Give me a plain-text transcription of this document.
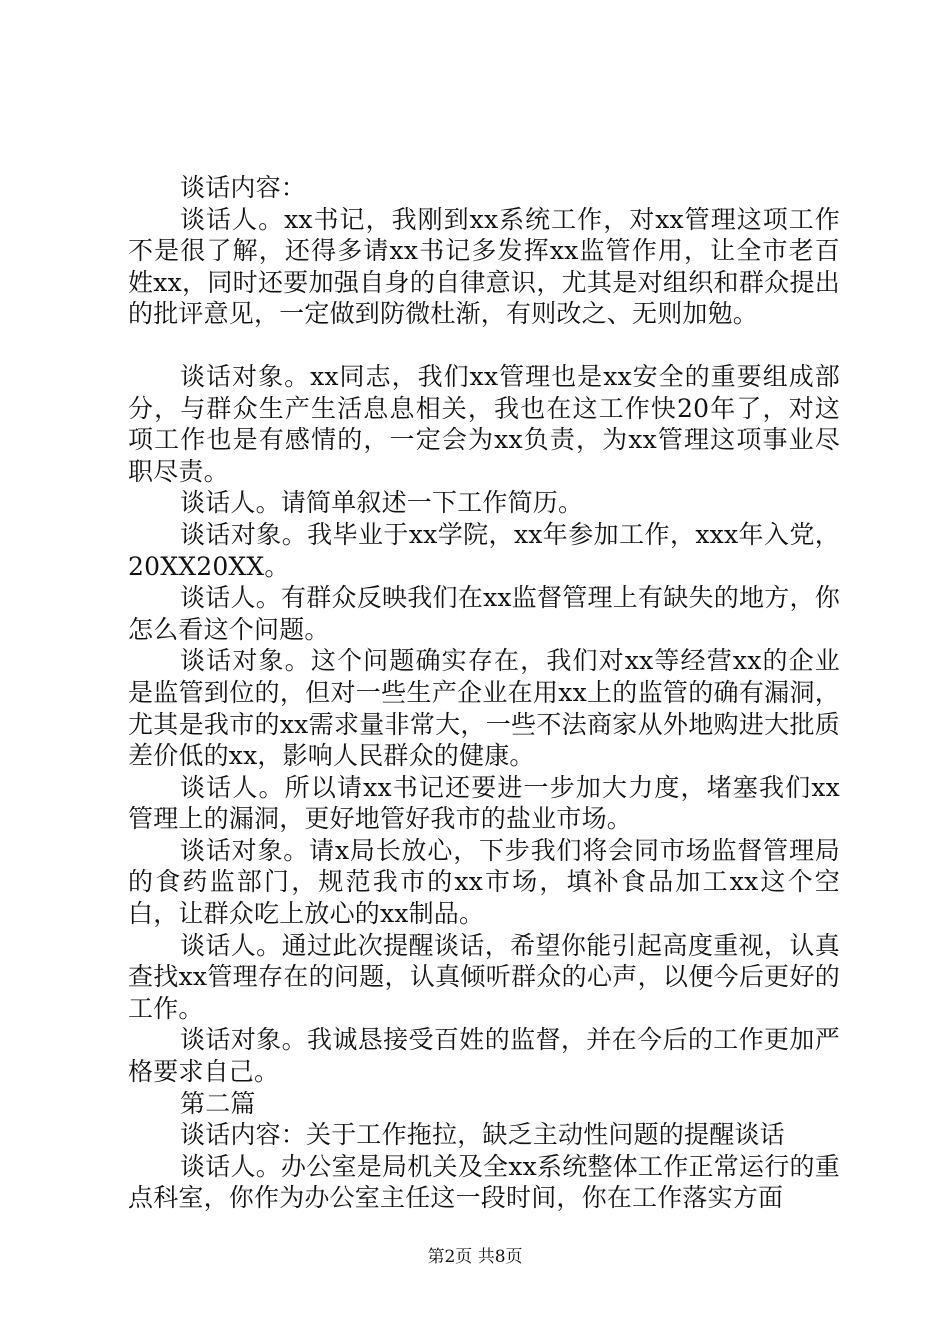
谈话内容：

谈话人。xx书记，我刚到xx系统工作，对xx管理这项工作不是很了解，还得多请xx书记多发挥xx监管作用，让全市老百姓xx，同时还要加强自身的自律意识，尤其是对组织和群众提出的批评意见，一定做到防微杜渐，有则改之、无则加勉。

谈话对象。xx同志，我们xx管理也是xx安全的重要组成部分，与群众生产生活息息相关，我也在这工作快20年了，对这项工作也是有感情的，一定会为xx负责，为xx管理这项事业尽职尽责。

谈话人。请简单叙述一下工作简历。

谈话对象。我毕业于xx学院，xx年参加工作，xxx年入党，20XX20XX。

谈话人。有群众反映我们在xx监督管理上有缺失的地方，你怎么看这个问题。

谈话对象。这个问题确实存在，我们对xx等经营xx的企业是监管到位的，但对一些生产企业在用xx上的监管的确有漏洞，尤其是我市的xx需求量非常大，一些不法商家从外地购进大批质差价低的xx，影响人民群众的健康。

谈话人。所以请xx书记还要进一步加大力度，堵塞我们xx管理上的漏洞，更好地管好我市的盐业市场。

谈话对象。请x局长放心，下步我们将会同市场监督管理局的食药监部门，规范我市的xx市场，填补食品加工xx这个空白，让群众吃上放心的xx制品。

谈话人。通过此次提醒谈话，希望你能引起高度重视，认真查找xx管理存在的问题，认真倾听群众的心声，以便今后更好的工作。

谈话对象。我诚恳接受百姓的监督，并在今后的工作更加严格要求自己。

第二篇

谈话内容：关于工作拖拉，缺乏主动性问题的提醒谈话

谈话人。办公室是局机关及全xx系统整体工作正常运行的重点科室，你作为办公室主任这一段时间，你在工作落实方面

第2页 共8页
